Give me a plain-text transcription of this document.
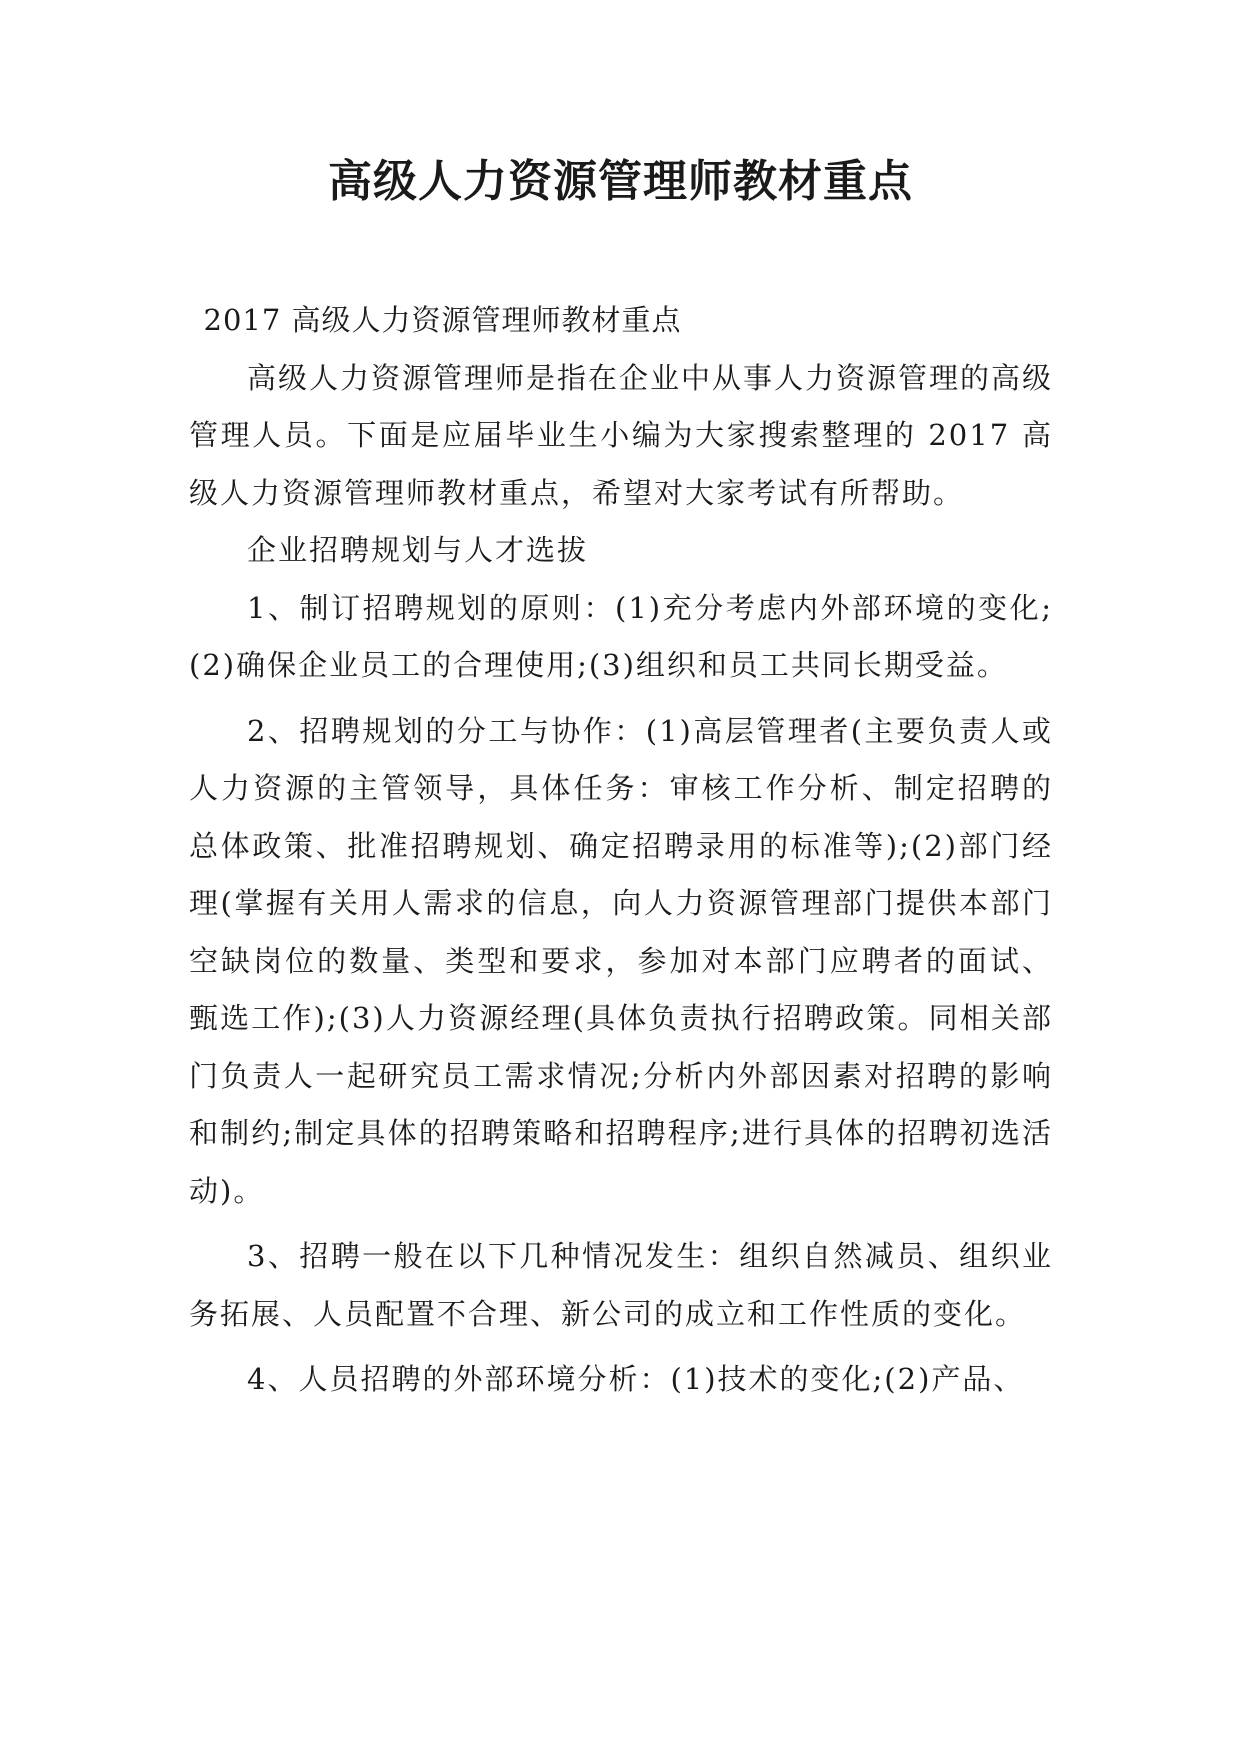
高级人力资源管理师教材重点

2017 高级人力资源管理师教材重点

高级人力资源管理师是指在企业中从事人力资源管理的高级管理人员。下面是应届毕业生小编为大家搜索整理的 2017 高级人力资源管理师教材重点，希望对大家考试有所帮助。

企业招聘规划与人才选拔

1、制订招聘规划的原则：(1)充分考虑内外部环境的变化;(2)确保企业员工的合理使用;(3)组织和员工共同长期受益。

2、招聘规划的分工与协作：(1)高层管理者(主要负责人或人力资源的主管领导，具体任务：审核工作分析、制定招聘的总体政策、批准招聘规划、确定招聘录用的标准等);(2)部门经理(掌握有关用人需求的信息，向人力资源管理部门提供本部门空缺岗位的数量、类型和要求，参加对本部门应聘者的面试、甄选工作);(3)人力资源经理(具体负责执行招聘政策。同相关部门负责人一起研究员工需求情况;分析内外部因素对招聘的影响和制约;制定具体的招聘策略和招聘程序;进行具体的招聘初选活动)。

3、招聘一般在以下几种情况发生：组织自然减员、组织业务拓展、人员配置不合理、新公司的成立和工作性质的变化。

4、人员招聘的外部环境分析：(1)技术的变化;(2)产品、
